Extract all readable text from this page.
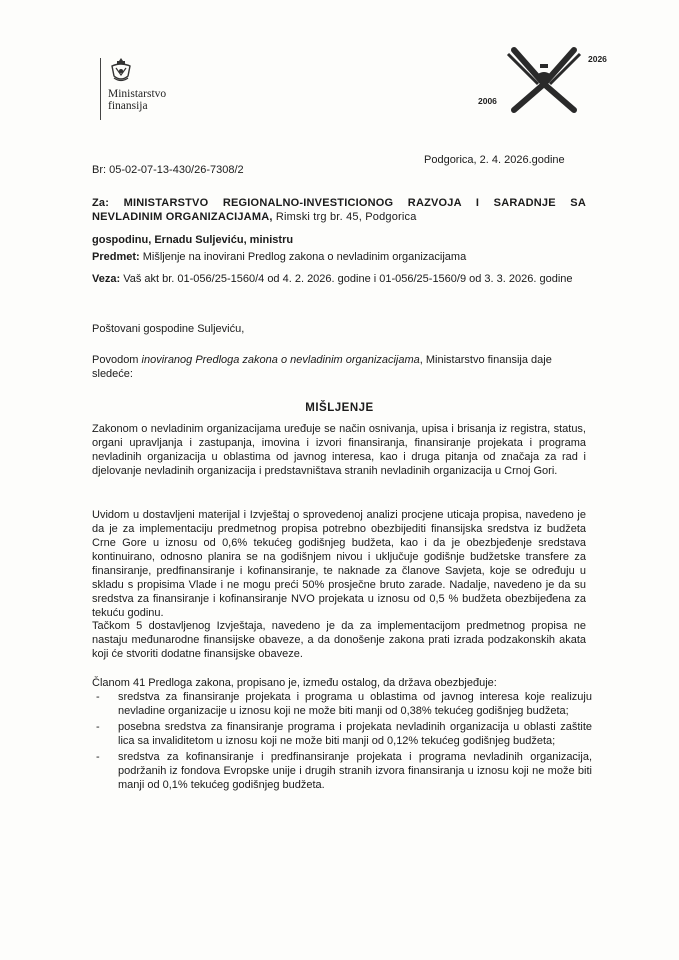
Ministarstvo
finansija
2026
2006
Br: 05-02-07-13-430/26-7308/2
Podgorica, 2. 4. 2026.godine
Za: MINISTARSTVO REGIONALNO-INVESTICIONOG RAZVOJA I SARADNJE SA NEVLADINIM ORGANIZACIJAMA, Rimski trg br. 45, Podgorica
gospodinu, Ernadu Suljeviću, ministru
Predmet: Mišljenje na inovirani Predlog zakona o nevladinim organizacijama
Veza: Vaš akt br. 01-056/25-1560/4 od 4. 2. 2026. godine i 01-056/25-1560/9 od 3. 3. 2026. godine
Poštovani gospodine Suljeviću,
Povodom inoviranog Predloga zakona o nevladinim organizacijama, Ministarstvo finansija daje sledeće:
MIŠLJENJE
Zakonom o nevladinim organizacijama uređuje se način osnivanja, upisa i brisanja iz registra, status, organi upravljanja i zastupanja, imovina i izvori finansiranja, finansiranje projekata i programa nevladinih organizacija u oblastima od javnog interesa, kao i druga pitanja od značaja za rad i djelovanje nevladinih organizacija i predstavništava stranih nevladinih organizacija u Crnoj Gori.
Uvidom u dostavljeni materijal i Izvještaj o sprovedenoj analizi procjene uticaja propisa, navedeno je da je za implementaciju predmetnog propisa potrebno obezbijediti finansijska sredstva iz budžeta Crne Gore u iznosu od 0,6% tekućeg godišnjeg budžeta, kao i da je obezbjeđenje sredstava kontinuirano, odnosno planira se na godišnjem nivou i uključuje godišnje budžetske transfere za finansiranje, predfinansiranje i kofinansiranje, te naknade za članove Savjeta, koje se određuju u skladu s propisima Vlade i ne mogu preći 50% prosječne bruto zarade. Nadalje, navedeno je da su sredstva za finansiranje i kofinansiranje NVO projekata u iznosu od 0,5 % budžeta obezbijeđena za tekuću godinu.
Tačkom 5 dostavljenog Izvještaja, navedeno je da za implementacijom predmetnog propisa ne nastaju međunarodne finansijske obaveze, a da donošenje zakona prati izrada podzakonskih akata koji će stvoriti dodatne finansijske obaveze.
Članom 41 Predloga zakona, propisano je, između ostalog, da država obezbjeđuje:
- sredstva za finansiranje projekata i programa u oblastima od javnog interesa koje realizuju nevladine organizacije u iznosu koji ne može biti manji od 0,38% tekućeg godišnjeg budžeta;
- posebna sredstva za finansiranje programa i projekata nevladinih organizacija u oblasti zaštite lica sa invaliditetom u iznosu koji ne može biti manji od 0,12% tekućeg godišnjeg budžeta;
- sredstva za kofinansiranje i predfinansiranje projekata i programa nevladinih organizacija, podržanih iz fondova Evropske unije i drugih stranih izvora finansiranja u iznosu koji ne može biti manji od 0,1% tekućeg godišnjeg budžeta.
